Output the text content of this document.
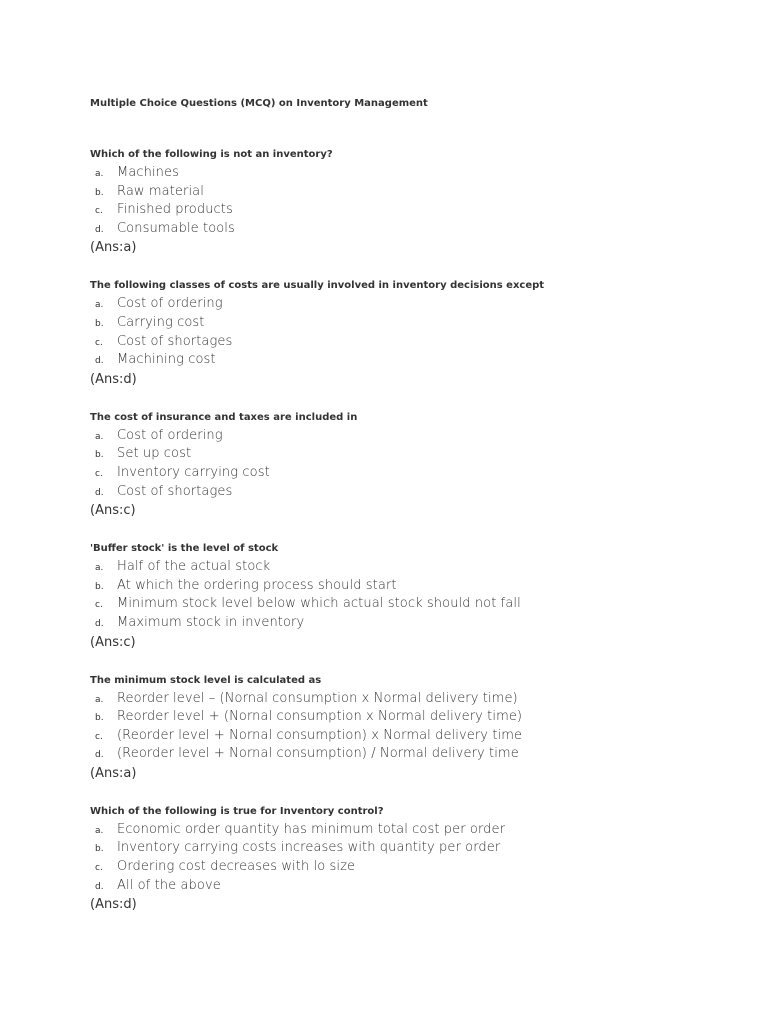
Multiple Choice Questions (MCQ) on Inventory Management
Which of the following is not an inventory?
a.	Machines
b.	Raw material
c.	Finished products
d.	Consumable tools
(Ans:a)
The following classes of costs are usually involved in inventory decisions except
a.	Cost of ordering
b.	Carrying cost
c.	Cost of shortages
d.	Machining cost
(Ans:d)
The cost of insurance and taxes are included in
a.	Cost of ordering
b.	Set up cost
c.	Inventory carrying cost
d.	Cost of shortages
(Ans:c)
'Buffer stock' is the level of stock
a.	Half of the actual stock
b.	At which the ordering process should start
c.	Minimum stock level below which actual stock should not fall
d.	Maximum stock in inventory
(Ans:c)
The minimum stock level is calculated as
a.	Reorder level – (Nornal consumption x Normal delivery time)
b.	Reorder level + (Nornal consumption x Normal delivery time)
c.	(Reorder level + Nornal consumption) x Normal delivery time
d.	(Reorder level + Nornal consumption) / Normal delivery time
(Ans:a)
Which of the following is true for Inventory control?
a.	Economic order quantity has minimum total cost per order
b.	Inventory carrying costs increases with quantity per order
c.	Ordering cost decreases with lo size
d.	All of the above
(Ans:d)
